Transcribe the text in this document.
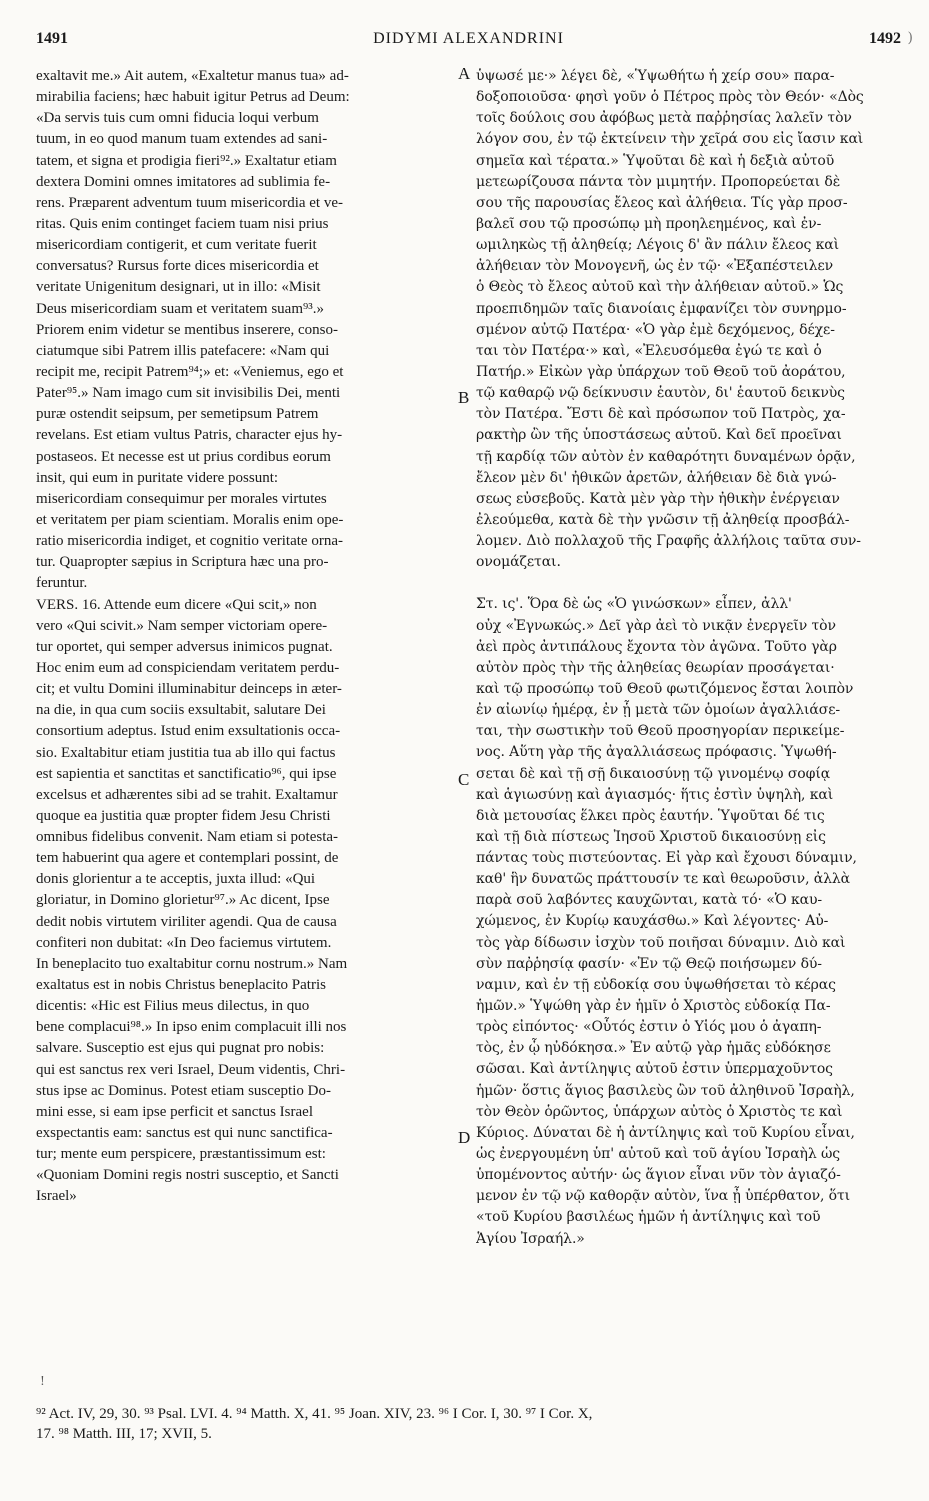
1491	DIDYMI ALEXANDRINI	1492 )
exaltavit me.» Ait autem, «Exaltetur manus tua» ad-
mirabilia faciens; hæc habuit igitur Petrus ad Deum:
«Da servis tuis cum omni fiducia loqui verbum
tuum, in eo quod manum tuam extendes ad sani-
tatem, et signa et prodigia fieri⁹².» Exaltatur etiam
dextera Domini omnes imitatores ad sublimia fe-
rens. Præparent adventum tuum misericordia et ve-
ritas. Quis enim continget faciem tuam nisi prius
misericordiam contigerit, et cum veritate fuerit
conversatus? Rursus forte dices misericordia et
veritate Unigenitum designari, ut in illo: «Misit
Deus misericordiam suam et veritatem suam⁹³.»
Priorem enim videtur se mentibus inserere, conso-
ciatumque sibi Patrem illis patefacere: «Nam qui
recipit me, recipit Patrem⁹⁴;» et: «Veniemus, ego et
Pater⁹⁵.» Nam imago cum sit invisibilis Dei, menti
puræ ostendit seipsum, per semetipsum Patrem
revelans. Est etiam vultus Patris, character ejus hy-
postaseos. Et necesse est ut prius cordibus eorum
insit, qui eum in puritate videre possunt:
misericordiam consequimur per morales virtutes
et veritatem per piam scientiam. Moralis enim ope-
ratio misericordia indiget, et cognitio veritate orna-
tur. Quapropter sæpius in Scriptura hæc una pro-
feruntur.
VERS. 16. Attende eum dicere «Qui scit,» non
vero «Qui scivit.» Nam semper victoriam opere-
tur oportet, qui semper adversus inimicos pugnat.
Hoc enim eum ad conspiciendam veritatem perdu-
cit; et vultu Domini illuminabitur deinceps in æter-
na die, in qua cum sociis exsultabit, salutare Dei
consortium adeptus. Istud enim exsultationis occa-
sio. Exaltabitur etiam justitia tua ab illo qui factus
est sapientia et sanctitas et sanctificatio⁹⁶, qui ipse
excelsus et adhærentes sibi ad se trahit. Exaltamur
quoque ea justitia quæ propter fidem Jesu Christi
omnibus fidelibus convenit. Nam etiam si potesta-
tem habuerint qua agere et contemplari possint, de
donis glorientur a te acceptis, juxta illud: «Qui
gloriatur, in Domino glorietur⁹⁷.» Ac dicent, Ipse
dedit nobis virtutem viriliter agendi. Qua de causa
confiteri non dubitat: «In Deo faciemus virtutem.
In beneplacito tuo exaltabitur cornu nostrum.» Nam
exaltatus est in nobis Christus beneplacito Patris
dicentis: «Hic est Filius meus dilectus, in quo
bene complacui⁹⁸.» In ipso enim complacuit illi nos
salvare. Susceptio est ejus qui pugnat pro nobis:
qui est sanctus rex veri Israel, Deum videntis, Chri-
stus ipse ac Dominus. Potest etiam susceptio Do-
mini esse, si eam ipse perficit et sanctus Israel
exspectantis eam: sanctus est qui nunc sanctifica-
tur; mente eum perspicere, præstantissimum est:
«Quoniam Domini regis nostri susceptio, et Sancti
Israel»
ὑψωσέ με·» λέγει δὲ, «Ὑψωθήτω ἡ χείρ σου» παρα-
δοξοποιοῦσα· φησὶ γοῦν ὁ Πέτρος πρὸς τὸν Θεόν· «Δὸς
τοῖς δούλοις σου ἀφόβως μετὰ παῤῥησίας λαλεῖν τὸν
λόγον σου, ἐν τῷ ἐκτείνειν τὴν χεῖρά σου εἰς ἴασιν καὶ
σημεῖα καὶ τέρατα.» Ὑψοῦται δὲ καὶ ἡ δεξιὰ αὐτοῦ
μετεωρίζουσα πάντα τὸν μιμητήν. Προπορεύεται δὲ
σου τῆς παρουσίας ἔλεος καὶ ἀλήθεια. Τίς γὰρ προσ-
βαλεῖ σου τῷ προσώπῳ μὴ προηλεημένος, καὶ ἐν-
ωμιληκὼς τῇ ἀληθείᾳ; Λέγοις δ' ἂν πάλιν ἔλεος καὶ
ἀλήθειαν τὸν Μονογενῆ, ὡς ἐν τῷ· «Ἐξαπέστειλεν
ὁ Θεὸς τὸ ἔλεος αὐτοῦ καὶ τὴν ἀλήθειαν αὐτοῦ.» Ὡς
προεπιδημῶν ταῖς διανοίαις ἐμφανίζει τὸν συνηρμο-
σμένον αὐτῷ Πατέρα· «Ὁ γὰρ ἐμὲ δεχόμενος, δέχε-
ται τὸν Πατέρα·» καὶ, «Ἐλευσόμεθα ἐγώ τε καὶ ὁ
Πατήρ.» Εἰκὼν γὰρ ὑπάρχων τοῦ Θεοῦ τοῦ ἀοράτου,
τῷ καθαρῷ νῷ δείκνυσιν ἑαυτὸν, δι' ἑαυτοῦ δεικνὺς
τὸν Πατέρα. Ἔστι δὲ καὶ πρόσωπον τοῦ Πατρὸς, χα-
ρακτὴρ ὢν τῆς ὑποστάσεως αὐτοῦ. Καὶ δεῖ προεῖναι
τῇ καρδίᾳ τῶν αὐτὸν ἐν καθαρότητι δυναμένων ὁρᾷν,
ἔλεον μὲν δι' ἠθικῶν ἀρετῶν, ἀλήθειαν δὲ διὰ γνώ-
σεως εὐσεβοῦς. Κατὰ μὲν γὰρ τὴν ἠθικὴν ἐνέργειαν
ἐλεούμεθα, κατὰ δὲ τὴν γνῶσιν τῇ ἀληθείᾳ προσβάλ-
λομεν. Διὸ πολλαχοῦ τῆς Γραφῆς ἀλλήλοις ταῦτα συν-
ονομάζεται.
Στ. ις'. Ὅρα δὲ ὡς «Ὁ γινώσκων» εἶπεν, ἀλλ'
οὐχ «Ἐγνωκώς.» Δεῖ γὰρ ἀεὶ τὸ νικᾷν ἐνεργεῖν τὸν
ἀεὶ πρὸς ἀντιπάλους ἔχοντα τὸν ἀγῶνα. Τοῦτο γὰρ
αὐτὸν πρὸς τὴν τῆς ἀληθείας θεωρίαν προσάγεται·
καὶ τῷ προσώπῳ τοῦ Θεοῦ φωτιζόμενος ἔσται λοιπὸν
ἐν αἰωνίῳ ἡμέρᾳ, ἐν ᾗ μετὰ τῶν ὁμοίων ἀγαλλιάσε-
ται, τὴν σωστικὴν τοῦ Θεοῦ προσηγορίαν περικείμε-
νος. Αὕτη γὰρ τῆς ἀγαλλιάσεως πρόφασις. Ὑψωθή-
σεται δὲ καὶ τῇ σῇ δικαιοσύνῃ τῷ γινομένῳ σοφίᾳ
καὶ ἁγιωσύνῃ καὶ ἁγιασμός· ἥτις ἐστὶν ὑψηλὴ, καὶ
διὰ μετουσίας ἕλκει πρὸς ἑαυτήν. Ὑψοῦται δέ τις
καὶ τῇ διὰ πίστεως Ἰησοῦ Χριστοῦ δικαιοσύνῃ εἰς
πάντας τοὺς πιστεύοντας. Εἰ γὰρ καὶ ἔχουσι δύναμιν,
καθ' ἣν δυνατῶς πράττουσίν τε καὶ θεωροῦσιν, ἀλλὰ
παρὰ σοῦ λαβόντες καυχῶνται, κατὰ τό· «Ὁ καυ-
χώμενος, ἐν Κυρίῳ καυχάσθω.» Καὶ λέγοντες· Αὐ-
τὸς γὰρ δίδωσιν ἰσχὺν τοῦ ποιῆσαι δύναμιν. Διὸ καὶ
σὺν παῤῥησίᾳ φασίν· «Ἐν τῷ Θεῷ ποιήσωμεν δύ-
ναμιν, καὶ ἐν τῇ εὐδοκίᾳ σου ὑψωθήσεται τὸ κέρας
ἡμῶν.» Ὑψώθη γὰρ ἐν ἡμῖν ὁ Χριστὸς εὐδοκίᾳ Πα-
τρὸς εἰπόντος· «Οὗτός ἐστιν ὁ Υἱός μου ὁ ἀγαπη-
τὸς, ἐν ᾧ ηὐδόκησα.» Ἐν αὐτῷ γὰρ ἡμᾶς εὐδόκησε
σῶσαι. Καὶ ἀντίληψις αὐτοῦ ἐστιν ὑπερμαχοῦντος
ἡμῶν· ὅστις ἅγιος βασιλεὺς ὢν τοῦ ἀληθινοῦ Ἰσραὴλ,
τὸν Θεὸν ὁρῶντος, ὑπάρχων αὐτὸς ὁ Χριστὸς τε καὶ
Κύριος. Δύναται δὲ ἡ ἀντίληψις καὶ τοῦ Κυρίου εἶναι,
ὡς ἐνεργουμένη ὑπ' αὐτοῦ καὶ τοῦ ἁγίου Ἰσραὴλ ὡς
ὑπομένοντος αὐτήν· ὡς ἅγιον εἶναι νῦν τὸν ἁγιαζό-
μενον ἐν τῷ νῷ καθορᾷν αὐτὸν, ἵνα ᾖ ὑπέρθατον, ὅτι
«τοῦ Κυρίου βασιλέως ἡμῶν ἡ ἀντίληψις καὶ τοῦ
Ἁγίου Ἰσραήλ.»
A
B
C
D
!
⁹² Act. IV, 29, 30. ⁹³ Psal. LVI. 4. ⁹⁴ Matth. X, 41. ⁹⁵ Joan. XIV, 23. ⁹⁶ I Cor. I, 30. ⁹⁷ I Cor. X,
17. ⁹⁸ Matth. III, 17; XVII, 5.
